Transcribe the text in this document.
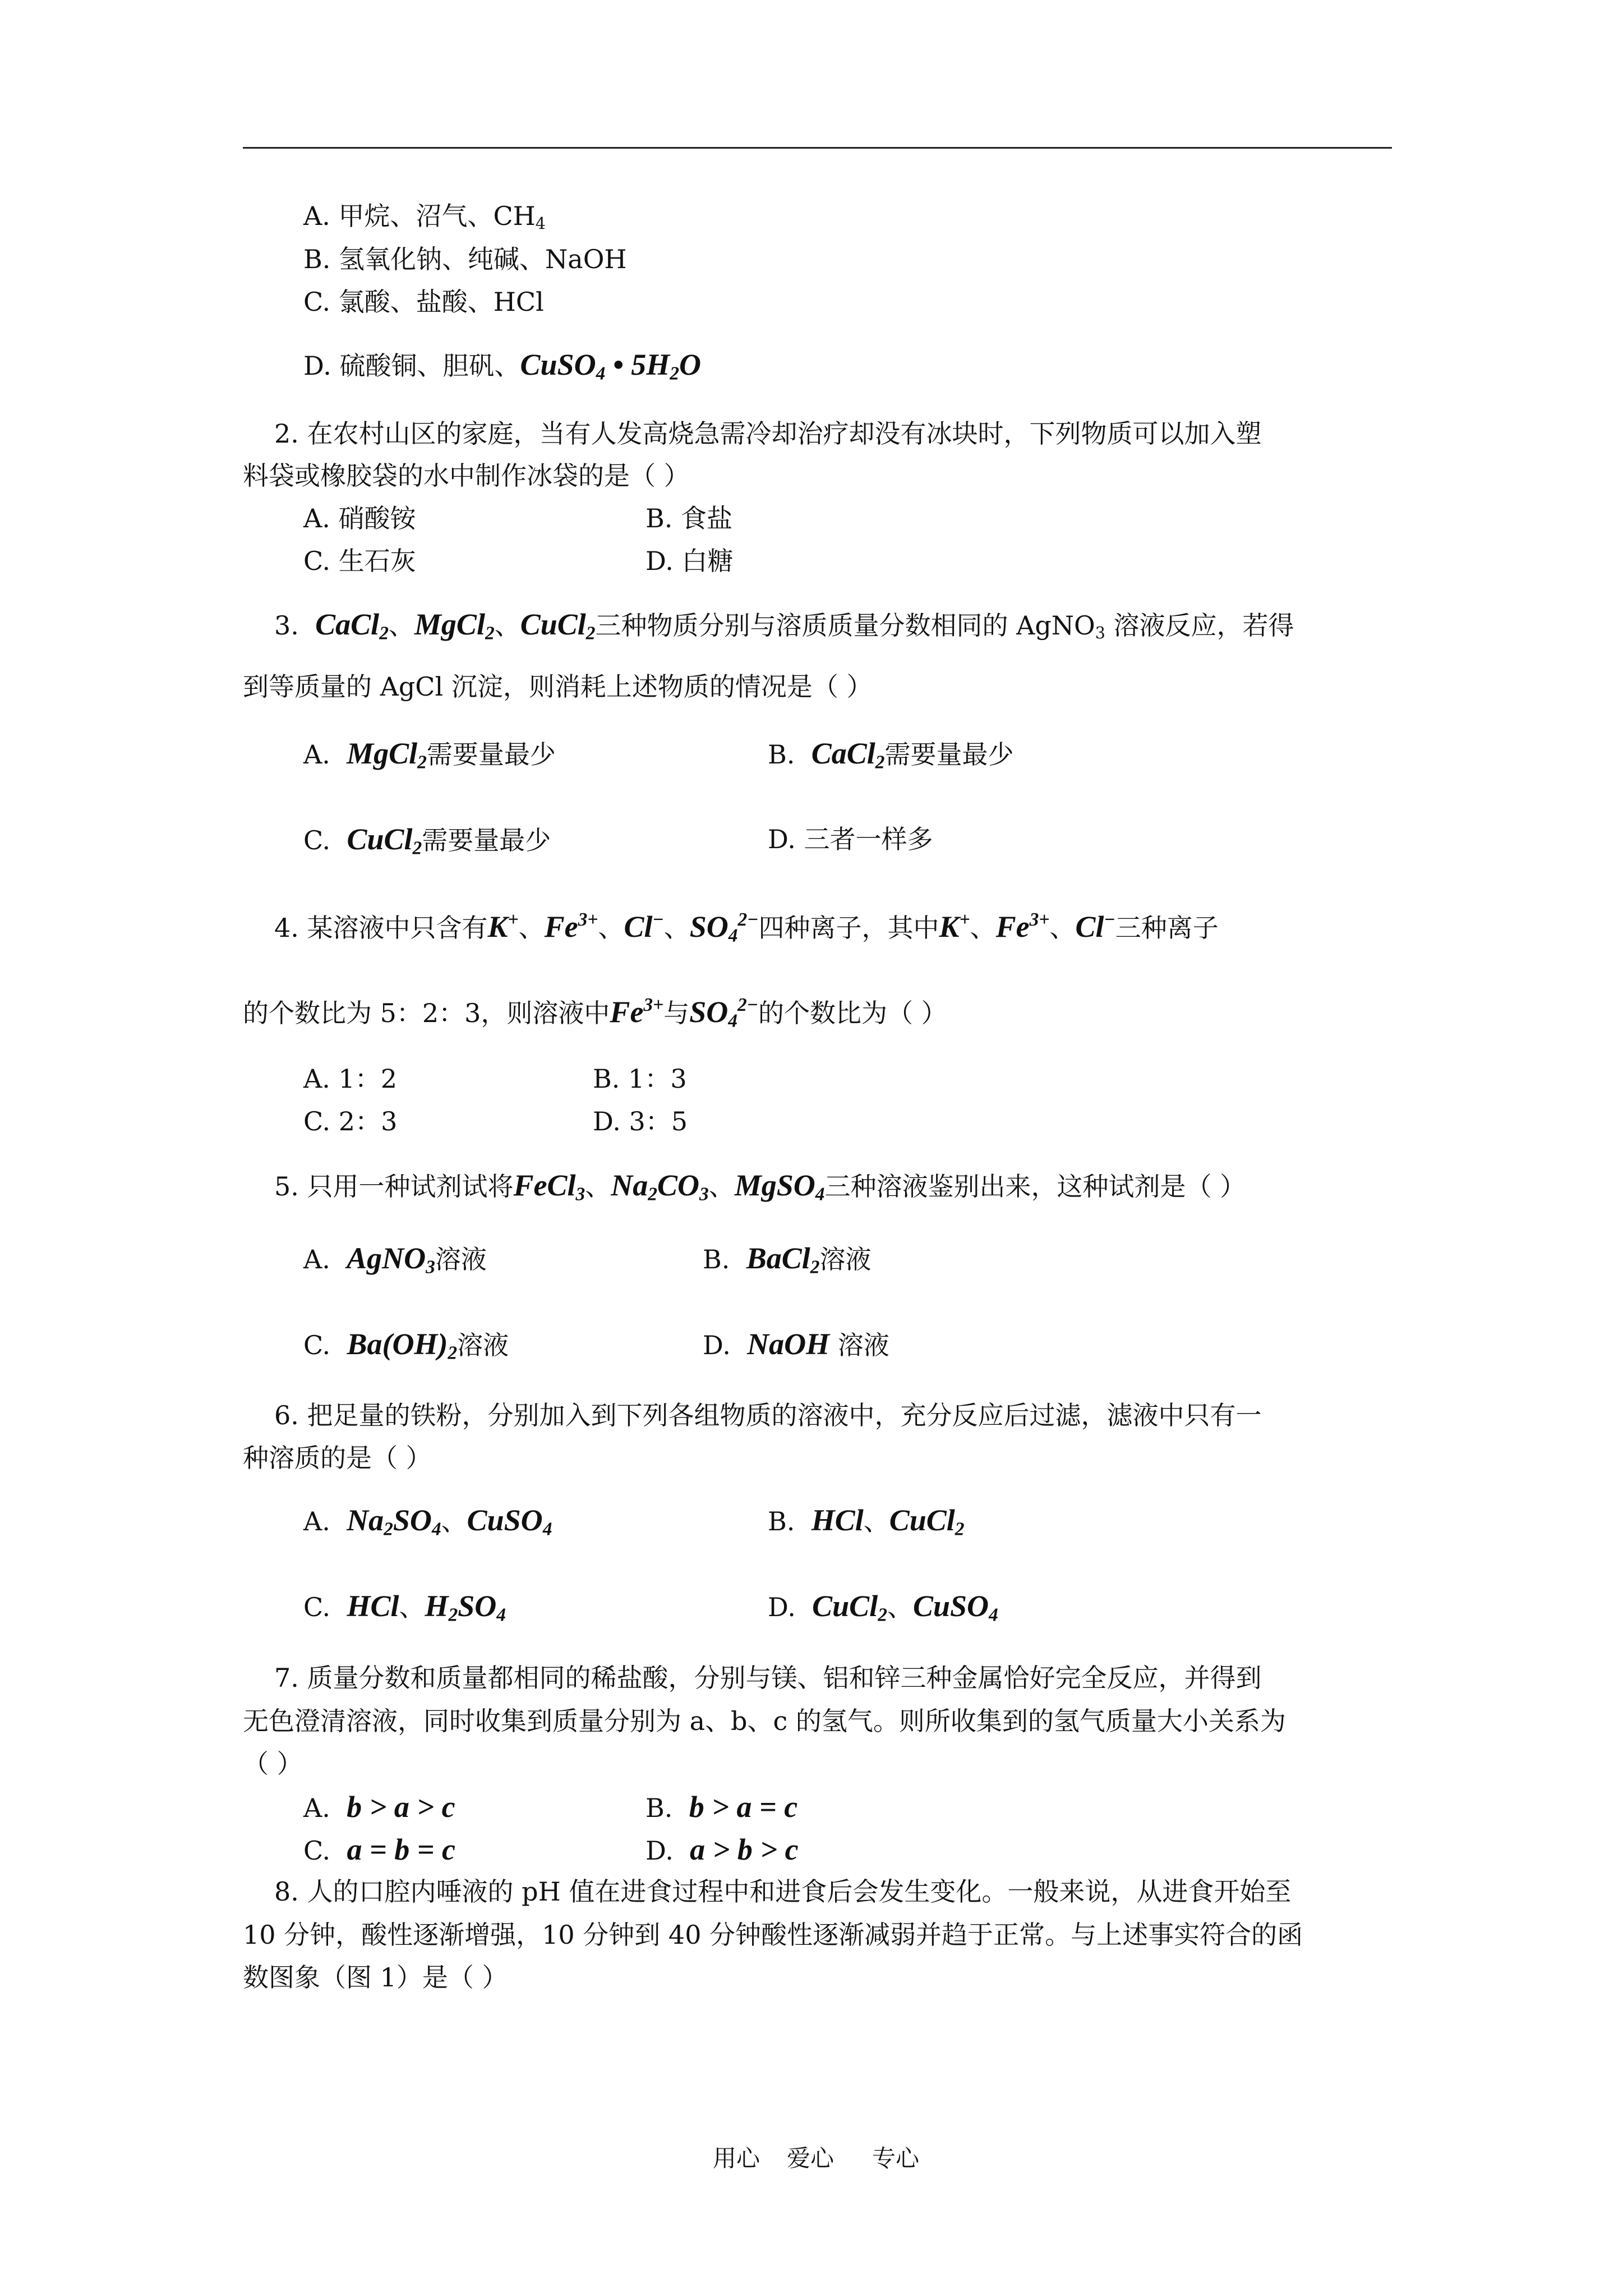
A. 甲烷、沼气、$CH_4$
B. 氢氧化钠、纯碱、NaOH
C. 氯酸、盐酸、HCl
D. 硫酸铜、胆矾、CuSO$_4$ • $5H_2O$
2. 在农村山区的家庭，当有人发高烧急需冷却治疗却没有冰块时，下列物质可以加入塑
料袋或橡胶袋的水中制作冰袋的是（ ）
A. 硝酸铵	B. 食盐
C. 生石灰	D. 白糖
3. CaCl$_2$、MgCl$_2$、CuCl$_2$三种物质分别与溶质质量分数相同的 AgNO$_3$ 溶液反应，若得
到等质量的 AgCl 沉淀，则消耗上述物质的情况是（ ）
A. MgCl$_2$需要量最少	B. CaCl$_2$需要量最少
C. CuCl$_2$需要量最少	D. 三者一样多
4. 某溶液中只含有K+、$Fe^{3+}$、Cl−、$SO_4^{2-}$四种离子，其中K+、$Fe^{3+}$、Cl−三种离子
的个数比为 5：2：3，则溶液中$Fe^{3+}$与$SO_4^{2-}$的个数比为（ ）
A. 1：2	B. 1：3
C. 2：3	D. 3：5
5. 只用一种试剂试将FeCl$_3$、$Na_2CO_3$、MgSO$_4$三种溶液鉴别出来，这种试剂是（ ）
A. AgNO$_3$溶液	B. BaCl$_2$溶液
C. $Ba(OH)_2$溶液	D. NaOH 溶液
6. 把足量的铁粉，分别加入到下列各组物质的溶液中，充分反应后过滤，滤液中只有一
种溶质的是（ ）
A. $Na_2SO_4$、CuSO$_4$	B. HCl、CuCl$_2$
C. HCl、$H_2SO_4$	D. CuCl$_2$、CuSO$_4$
7. 质量分数和质量都相同的稀盐酸，分别与镁、铝和锌三种金属恰好完全反应，并得到
无色澄清溶液，同时收集到质量分别为 a、b、c 的氢气。则所收集到的氢气质量大小关系为
（ ）
A. b > a > c	B. b > a = c
C. a = b = c	D. a > b > c
8. 人的口腔内唾液的 pH 值在进食过程中和进食后会发生变化。一般来说，从进食开始至
10 分钟，酸性逐渐增强，10 分钟到 40 分钟酸性逐渐减弱并趋于正常。与上述事实符合的函
数图象（图 1）是（ ）
用心 爱心 专心
